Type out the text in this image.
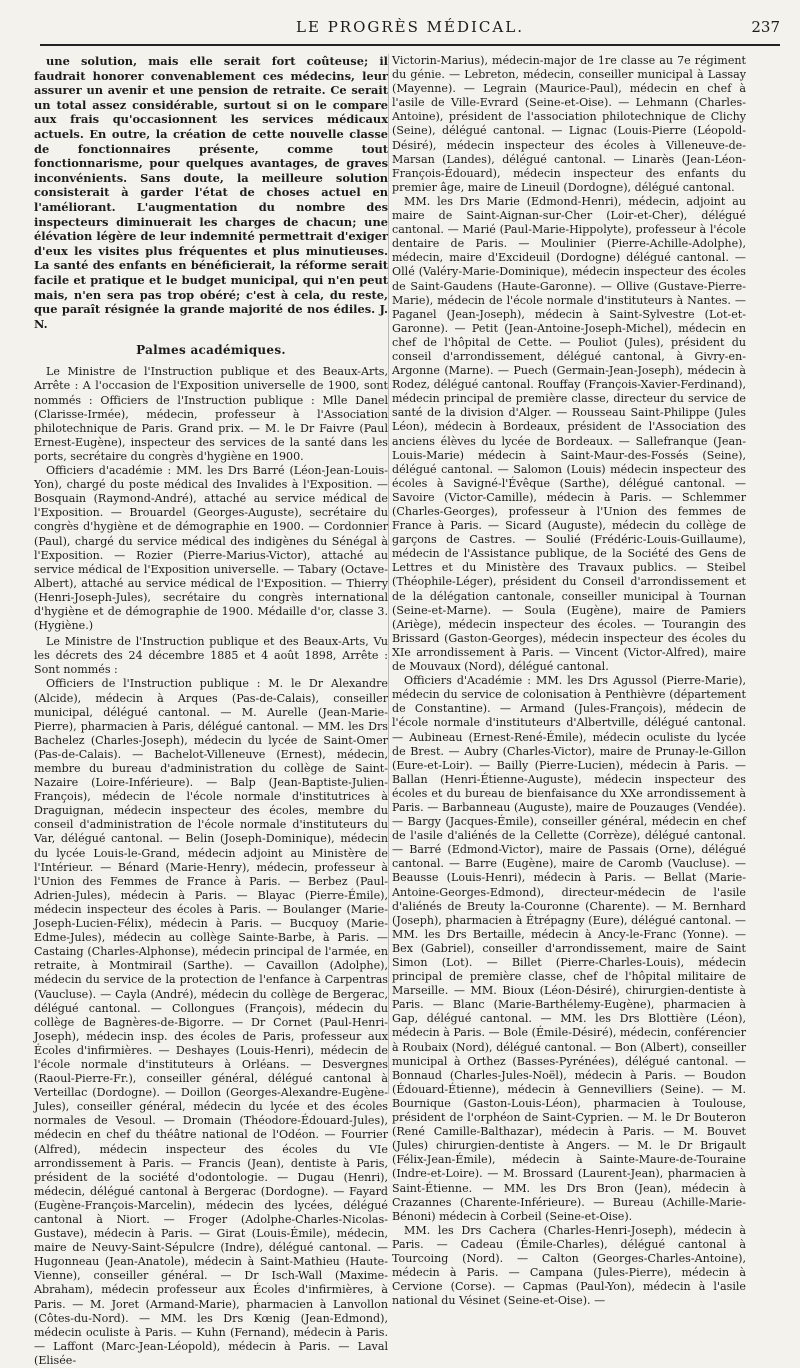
LE PROGRÈS MÉDICAL.	237

une solution, mais elle serait fort coûteuse; il faudrait honorer convenablement ces médecins, leur assurer un avenir et une pension de retraite. Ce serait un total assez considérable, surtout si on le compare aux frais qu'occasionnent les services médicaux actuels. En outre, la création de cette nouvelle classe de fonctionnaires présente, comme tout fonctionnarisme, pour quelques avantages, de graves inconvénients. Sans doute, la meilleure solution consisterait à garder l'état de choses actuel en l'améliorant. L'augmentation du nombre des inspecteurs diminuerait les charges de chacun; une élévation légère de leur indemnité permettrait d'exiger d'eux les visites plus fréquentes et plus minutieuses. La santé des enfants en bénéficierait, la réforme serait facile et pratique et le budget municipal, qui n'en peut mais, n'en sera pas trop obéré; c'est à cela, du reste, que paraît résignée la grande majorité de nos édiles. J. N.

Palmes académiques.

Le Ministre de l'Instruction publique et des Beaux-Arts, Arrête : A l'occasion de l'Exposition universelle de 1900, sont nommés : Officiers de l'Instruction publique : Mlle Danel (Clarisse-Irmée), médecin, professeur à l'Association philotechnique de Paris. Grand prix. — M. le Dr Faivre (Paul Ernest-Eugène), inspecteur des services de la santé dans les ports, secrétaire du congrès d'hygiène en 1900.

Officiers d'académie : MM. les Drs Barré (Léon-Jean-Louis-Yon), chargé du poste médical des Invalides à l'Exposition. — Bosquain (Raymond-André), attaché au service médical de l'Exposition. — Brouardel (Georges-Auguste), secrétaire du congrès d'hygiène et de démographie en 1900. — Cordonnier (Paul), chargé du service médical des indigènes du Sénégal à l'Exposition. — Rozier (Pierre-Marius-Victor), attaché au service médical de l'Exposition universelle. — Tabary (Octave-Albert), attaché au service médical de l'Exposition. — Thierry (Henri-Joseph-Jules), secrétaire du congrès international d'hygiène et de démographie de 1900. Médaille d'or, classe 3. (Hygiène.)

Le Ministre de l'Instruction publique et des Beaux-Arts, Vu les décrets des 24 décembre 1885 et 4 août 1898, Arrête : Sont nommés :

Officiers de l'Instruction publique : M. le Dr Alexandre (Alcide), médecin à Arques (Pas-de-Calais), conseiller municipal, délégué cantonal. — M. Aurelle (Jean-Marie-Pierre), pharmacien à Paris, délégué cantonal. — MM. les Drs Bachelez (Charles-Joseph), médecin du lycée de Saint-Omer (Pas-de-Calais). — Bachelot-Villeneuve (Ernest), médecin, membre du bureau d'administration du collège de Saint-Nazaire (Loire-Inférieure). — Balp (Jean-Baptiste-Julien-François), médecin de l'école normale d'institutrices à Draguignan, médecin inspecteur des écoles, membre du conseil d'administration de l'école normale d'instituteurs du Var, délégué cantonal. — Belin (Joseph-Dominique), médecin du lycée Louis-le-Grand, médecin adjoint au Ministère de l'Intérieur. — Bénard (Marie-Henry), médecin, professeur à l'Union des Femmes de France à Paris. — Berbez (Paul-Adrien-Jules), médecin à Paris. — Blayac (Pierre-Émile), médecin inspecteur des écoles à Paris. — Boulanger (Marie-Joseph-Lucien-Félix), médecin à Paris. — Bucquoy (Marie-Edme-Jules), médecin au collège Sainte-Barbe, à Paris. — Castaing (Charles-Alphonse), médecin principal de l'armée, en retraite, à Montmirail (Sarthe). — Cavaillon (Adolphe), médecin du service de la protection de l'enfance à Carpentras (Vaucluse). — Cayla (André), médecin du collège de Bergerac, délégué cantonal. — Collongues (François), médecin du collège de Bagnères-de-Bigorre. — Dr Cornet (Paul-Henri-Joseph), médecin insp. des écoles de Paris, professeur aux Écoles d'infirmières. — Deshayes (Louis-Henri), médecin de l'école normale d'instituteurs à Orléans. — Desvergnes (Raoul-Pierre-Fr.), conseiller général, délégué cantonal à Verteillac (Dordogne). — Doillon (Georges-Alexandre-Eugène-Jules), conseiller général, médecin du lycée et des écoles normales de Vesoul. — Dromain (Théodore-Édouard-Jules), médecin en chef du théâtre national de l'Odéon. — Fourrier (Alfred), médecin inspecteur des écoles du VIe arrondissement à Paris. — Francis (Jean), dentiste à Paris, président de la société d'odontologie. — Dugau (Henri), médecin, délégué cantonal à Bergerac (Dordogne). — Fayard (Eugène-François-Marcelin), médecin des lycées, délégué cantonal à Niort. — Froger (Adolphe-Charles-Nicolas-Gustave), médecin à Paris. — Girat (Louis-Émile), médecin, maire de Neuvy-Saint-Sépulcre (Indre), délégué cantonal. — Hugonneau (Jean-Anatole), médecin à Saint-Mathieu (Haute-Vienne), conseiller général. — Dr Isch-Wall (Maxime-Abraham), médecin professeur aux Écoles d'infirmières, à Paris. — M. Joret (Armand-Marie), pharmacien à Lanvollon (Côtes-du-Nord). — MM. les Drs Kœnig (Jean-Edmond), médecin oculiste à Paris. — Kuhn (Fernand), médecin à Paris. — Laffont (Marc-Jean-Léopold), médecin à Paris. — Laval (Elisée-

Victorin-Marius), médecin-major de 1re classe au 7e régiment du génie. — Lebreton, médecin, conseiller municipal à Lassay (Mayenne). — Legrain (Maurice-Paul), médecin en chef à l'asile de Ville-Evrard (Seine-et-Oise). — Lehmann (Charles-Antoine), président de l'association philotechnique de Clichy (Seine), délégué cantonal. — Lignac (Louis-Pierre (Léopold-Désiré), médecin inspecteur des écoles à Villeneuve-de-Marsan (Landes), délégué cantonal. — Linarès (Jean-Léon-François-Édouard), médecin inspecteur des enfants du premier âge, maire de Lineuil (Dordogne), délégué cantonal.

MM. les Drs Marie (Edmond-Henri), médecin, adjoint au maire de Saint-Aignan-sur-Cher (Loir-et-Cher), délégué cantonal. — Marié (Paul-Marie-Hippolyte), professeur à l'école dentaire de Paris. — Moulinier (Pierre-Achille-Adolphe), médecin, maire d'Excideuil (Dordogne) délégué cantonal. — Ollé (Valéry-Marie-Dominique), médecin inspecteur des écoles de Saint-Gaudens (Haute-Garonne). — Ollive (Gustave-Pierre-Marie), médecin de l'école normale d'instituteurs à Nantes. — Paganel (Jean-Joseph), médecin à Saint-Sylvestre (Lot-et-Garonne). — Petit (Jean-Antoine-Joseph-Michel), médecin en chef de l'hôpital de Cette. — Pouliot (Jules), président du conseil d'arrondissement, délégué cantonal, à Givry-en-Argonne (Marne). — Puech (Germain-Jean-Joseph), médecin à Rodez, délégué cantonal. Rouffay (François-Xavier-Ferdinand), médecin principal de première classe, directeur du service de santé de la division d'Alger. — Rousseau Saint-Philippe (Jules Léon), médecin à Bordeaux, président de l'Association des anciens élèves du lycée de Bordeaux. — Sallefranque (Jean-Louis-Marie) médecin à Saint-Maur-des-Fossés (Seine), délégué cantonal. — Salomon (Louis) médecin inspecteur des écoles à Savigné-l'Évêque (Sarthe), délégué cantonal. — Savoire (Victor-Camille), médecin à Paris. — Schlemmer (Charles-Georges), professeur à l'Union des femmes de France à Paris. — Sicard (Auguste), médecin du collège de garçons de Castres. — Soulié (Frédéric-Louis-Guillaume), médecin de l'Assistance publique, de la Société des Gens de Lettres et du Ministère des Travaux publics. — Steibel (Théophile-Léger), président du Conseil d'arrondissement et de la délégation cantonale, conseiller municipal à Tournan (Seine-et-Marne). — Soula (Eugène), maire de Pamiers (Ariège), médecin inspecteur des écoles. — Tourangin des Brissard (Gaston-Georges), médecin inspecteur des écoles du XIe arrondissement à Paris. — Vincent (Victor-Alfred), maire de Mouvaux (Nord), délégué cantonal.

Officiers d'Académie : MM. les Drs Agussol (Pierre-Marie), médecin du service de colonisation à Penthièvre (département de Constantine). — Armand (Jules-François), médecin de l'école normale d'instituteurs d'Albertville, délégué cantonal. — Aubineau (Ernest-René-Émile), médecin oculiste du lycée de Brest. — Aubry (Charles-Victor), maire de Prunay-le-Gillon (Eure-et-Loir). — Bailly (Pierre-Lucien), médecin à Paris. — Ballan (Henri-Étienne-Auguste), médecin inspecteur des écoles et du bureau de bienfaisance du XXe arrondissement à Paris. — Barbanneau (Auguste), maire de Pouzauges (Vendée). — Bargy (Jacques-Émile), conseiller général, médecin en chef de l'asile d'aliénés de la Cellette (Corrèze), délégué cantonal. — Barré (Edmond-Victor), maire de Passais (Orne), délégué cantonal. — Barre (Eugène), maire de Caromb (Vaucluse). — Beausse (Louis-Henri), médecin à Paris. — Bellat (Marie-Antoine-Georges-Edmond), directeur-médecin de l'asile d'aliénés de Breuty la-Couronne (Charente). — M. Bernhard (Joseph), pharmacien à Étrépagny (Eure), délégué cantonal. — MM. les Drs Bertaille, médecin à Ancy-le-Franc (Yonne). — Bex (Gabriel), conseiller d'arrondissement, maire de Saint Simon (Lot). — Billet (Pierre-Charles-Louis), médecin principal de première classe, chef de l'hôpital militaire de Marseille. — MM. Bioux (Léon-Désiré), chirurgien-dentiste à Paris. — Blanc (Marie-Barthélemy-Eugène), pharmacien à Gap, délégué cantonal. — MM. les Drs Blottière (Léon), médecin à Paris. — Bole (Émile-Désiré), médecin, conférencier à Roubaix (Nord), délégué cantonal. — Bon (Albert), conseiller municipal à Orthez (Basses-Pyrénées), délégué cantonal. — Bonnaud (Charles-Jules-Noël), médecin à Paris. — Boudon (Édouard-Étienne), médecin à Gennevilliers (Seine). — M. Bournique (Gaston-Louis-Léon), pharmacien à Toulouse, président de l'orphéon de Saint-Cyprien. — M. le Dr Bouteron (René Camille-Balthazar), médecin à Paris. — M. Bouvet (Jules) chirurgien-dentiste à Angers. — M. le Dr Brigault (Félix-Jean-Émile), médecin à Sainte-Maure-de-Touraine (Indre-et-Loire). — M. Brossard (Laurent-Jean), pharmacien à Saint-Étienne. — MM. les Drs Bron (Jean), médecin à Crazannes (Charente-Inférieure). — Bureau (Achille-Marie-Bénoni) médecin à Corbeil (Seine-et-Oise).

MM. les Drs Cachera (Charles-Henri-Joseph), médecin à Paris. — Cadeau (Émile-Charles), délégué cantonal à Tourcoing (Nord). — Calton (Georges-Charles-Antoine), médecin à Paris. — Campana (Jules-Pierre), médecin à Cervione (Corse). — Capmas (Paul-Yon), médecin à l'asile national du Vésinet (Seine-et-Oise). —
